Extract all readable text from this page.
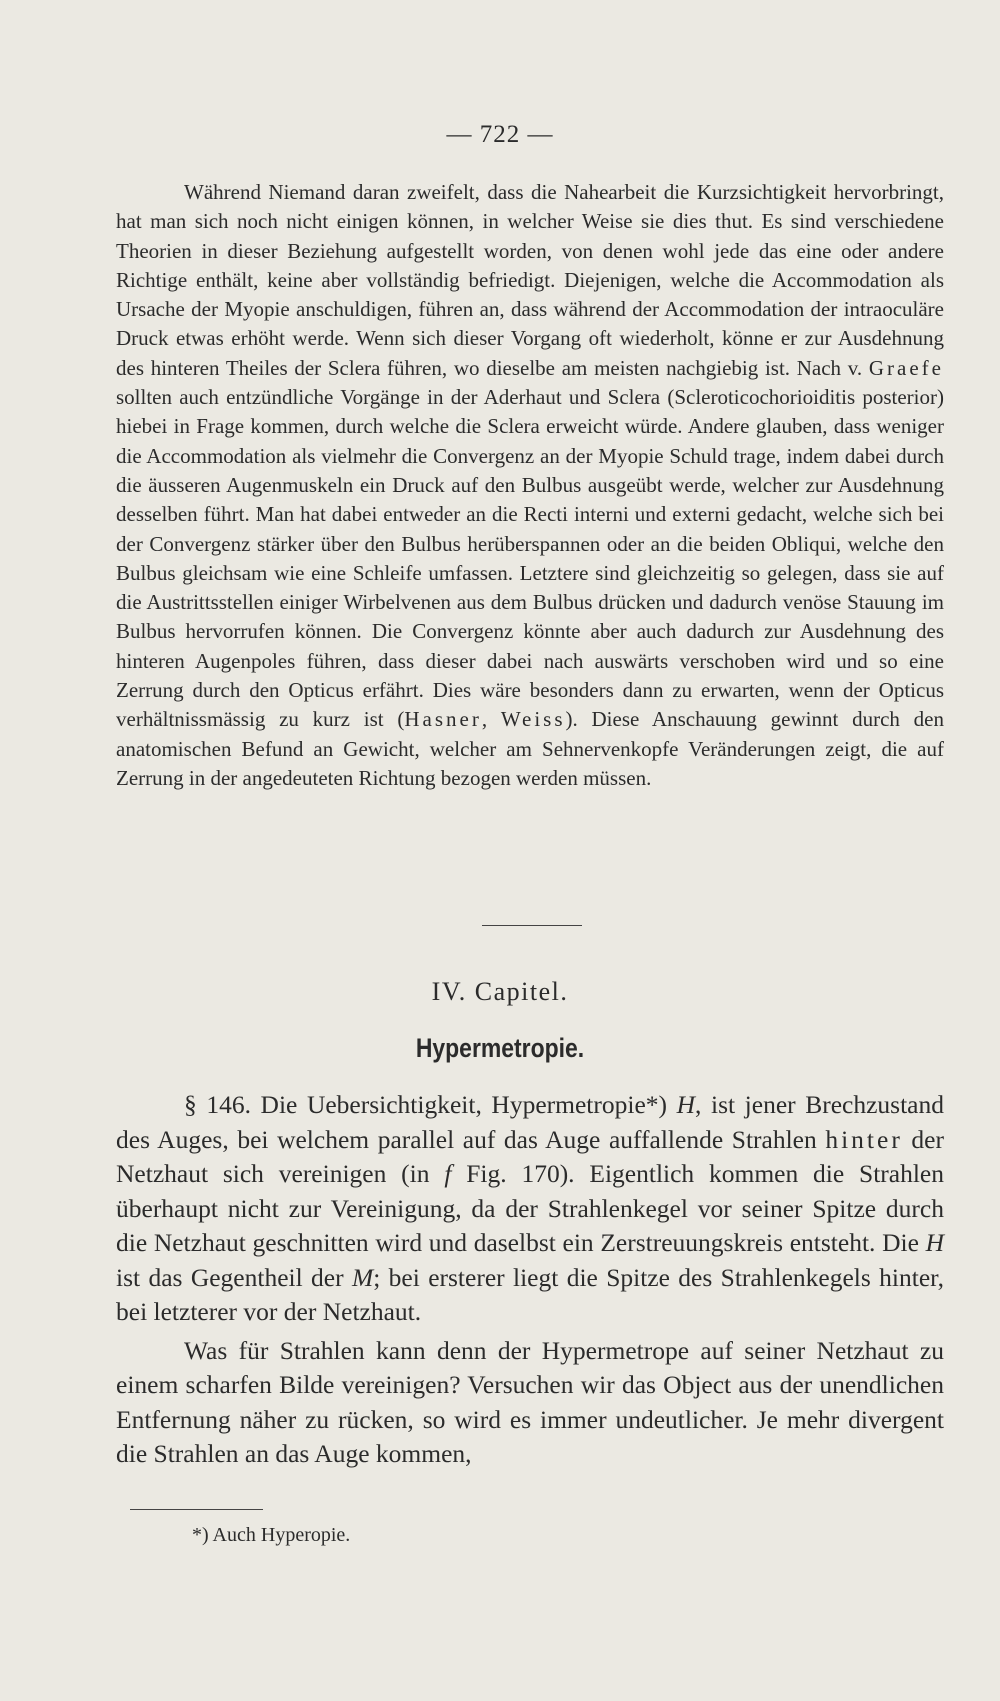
— 722 —

Während Niemand daran zweifelt, dass die Nahearbeit die Kurzsichtigkeit hervorbringt, hat man sich noch nicht einigen können, in welcher Weise sie dies thut. Es sind verschiedene Theorien in dieser Beziehung aufgestellt worden, von denen wohl jede das eine oder andere Richtige enthält, keine aber vollständig befriedigt. Diejenigen, welche die Accommodation als Ursache der Myopie anschuldigen, führen an, dass während der Accommodation der intraoculäre Druck etwas erhöht werde. Wenn sich dieser Vorgang oft wiederholt, könne er zur Ausdehnung des hinteren Theiles der Sclera führen, wo dieselbe am meisten nachgiebig ist. Nach v. Graefe sollten auch entzündliche Vorgänge in der Aderhaut und Sclera (Scleroticochorioiditis posterior) hiebei in Frage kommen, durch welche die Sclera erweicht würde. Andere glauben, dass weniger die Accommodation als vielmehr die Convergenz an der Myopie Schuld trage, indem dabei durch die äusseren Augenmuskeln ein Druck auf den Bulbus ausgeübt werde, welcher zur Ausdehnung desselben führt. Man hat dabei entweder an die Recti interni und externi gedacht, welche sich bei der Convergenz stärker über den Bulbus herüberspannen oder an die beiden Obliqui, welche den Bulbus gleichsam wie eine Schleife umfassen. Letztere sind gleichzeitig so gelegen, dass sie auf die Austrittsstellen einiger Wirbelvenen aus dem Bulbus drücken und dadurch venöse Stauung im Bulbus hervorrufen können. Die Convergenz könnte aber auch dadurch zur Ausdehnung des hinteren Augenpoles führen, dass dieser dabei nach auswärts verschoben wird und so eine Zerrung durch den Opticus erfährt. Dies wäre besonders dann zu erwarten, wenn der Opticus verhältnissmässig zu kurz ist (Hasner, Weiss). Diese Anschauung gewinnt durch den anatomischen Befund an Gewicht, welcher am Sehnervenkopfe Veränderungen zeigt, die auf Zerrung in der angedeuteten Richtung bezogen werden müssen.

IV. Capitel.
Hypermetropie.

§ 146. Die Uebersichtigkeit, Hypermetropie*) H, ist jener Brechzustand des Auges, bei welchem parallel auf das Auge auffallende Strahlen hinter der Netzhaut sich vereinigen (in f Fig. 170). Eigentlich kommen die Strahlen überhaupt nicht zur Vereinigung, da der Strahlenkegel vor seiner Spitze durch die Netzhaut geschnitten wird und daselbst ein Zerstreuungskreis entsteht. Die H ist das Gegentheil der M; bei ersterer liegt die Spitze des Strahlenkegels hinter, bei letzterer vor der Netzhaut.

Was für Strahlen kann denn der Hypermetrope auf seiner Netzhaut zu einem scharfen Bilde vereinigen? Versuchen wir das Object aus der unendlichen Entfernung näher zu rücken, so wird es immer undeutlicher. Je mehr divergent die Strahlen an das Auge kommen,

*) Auch Hyperopie.
